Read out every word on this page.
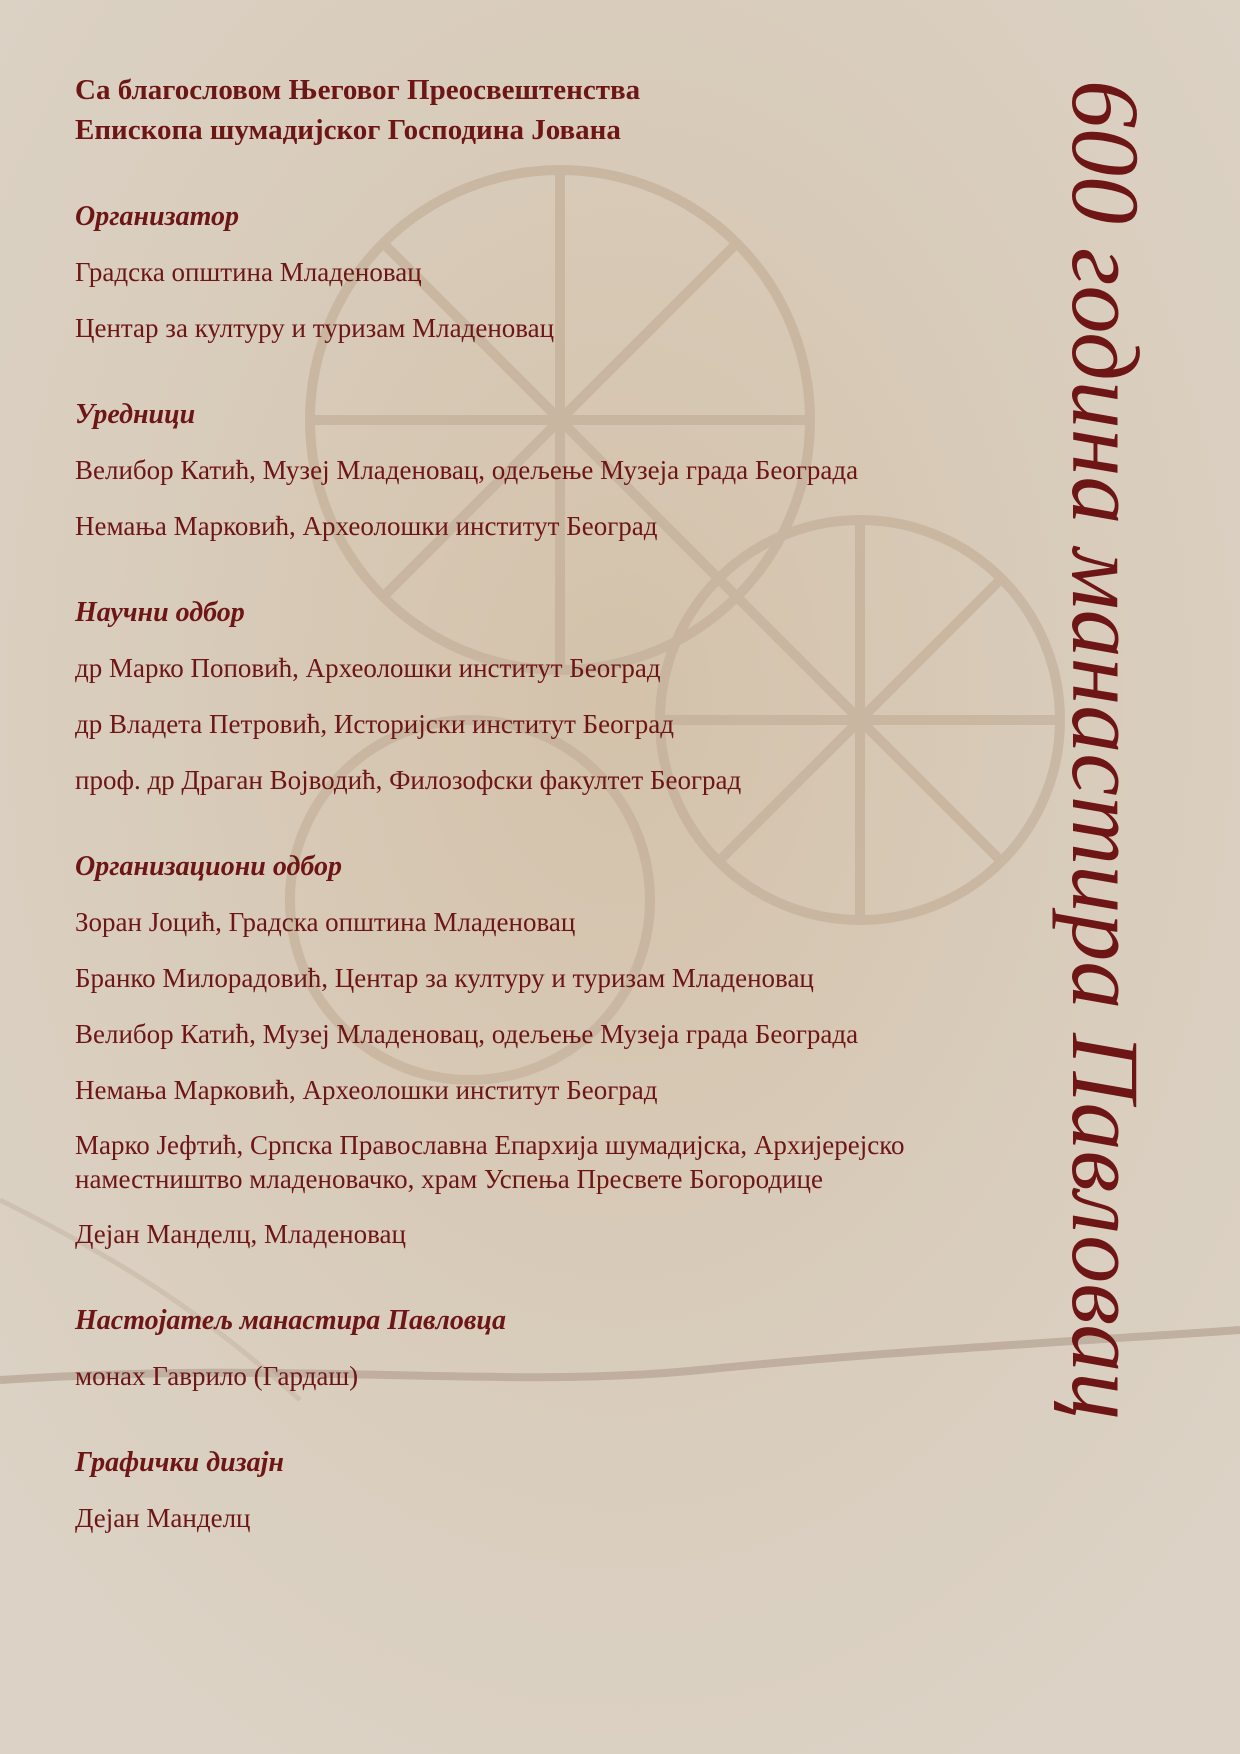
Са благословом Његовог Преосвештенства

Епископа шумадијског Господина Јована

Организатор

Градска општина Младеновац

Центар за културу и туризам Младеновац

Уредници

Велибор Катић, Музеј Младеновац, одељење Музеја града Београда

Немања Марковић, Археолошки институт Београд

Научни одбор

др Марко Поповић, Археолошки институт Београд

др Владета Петровић, Историјски институт Београд

проф. др Драган Војводић, Филозофски факултет Београд

Организациони одбор

Зоран Јоцић, Градска општина Младеновац

Бранко Милорадовић, Центар за културу и туризам Младеновац

Велибор Катић, Музеј Младеновац, одељење Музеја града Београда

Немања Марковић, Археолошки институт Београд

Марко Јефтић, Српска Православна Епархија шумадијска, Архијерејско наместништво младеновачко, храм Успења Пресвете Богородице

Дејан Манделц, Младеновац

Настојатељ манастира Павловца

монах Гаврило (Гардаш)

Графички дизајн

Дејан Манделц

600 година манастира Павловац
